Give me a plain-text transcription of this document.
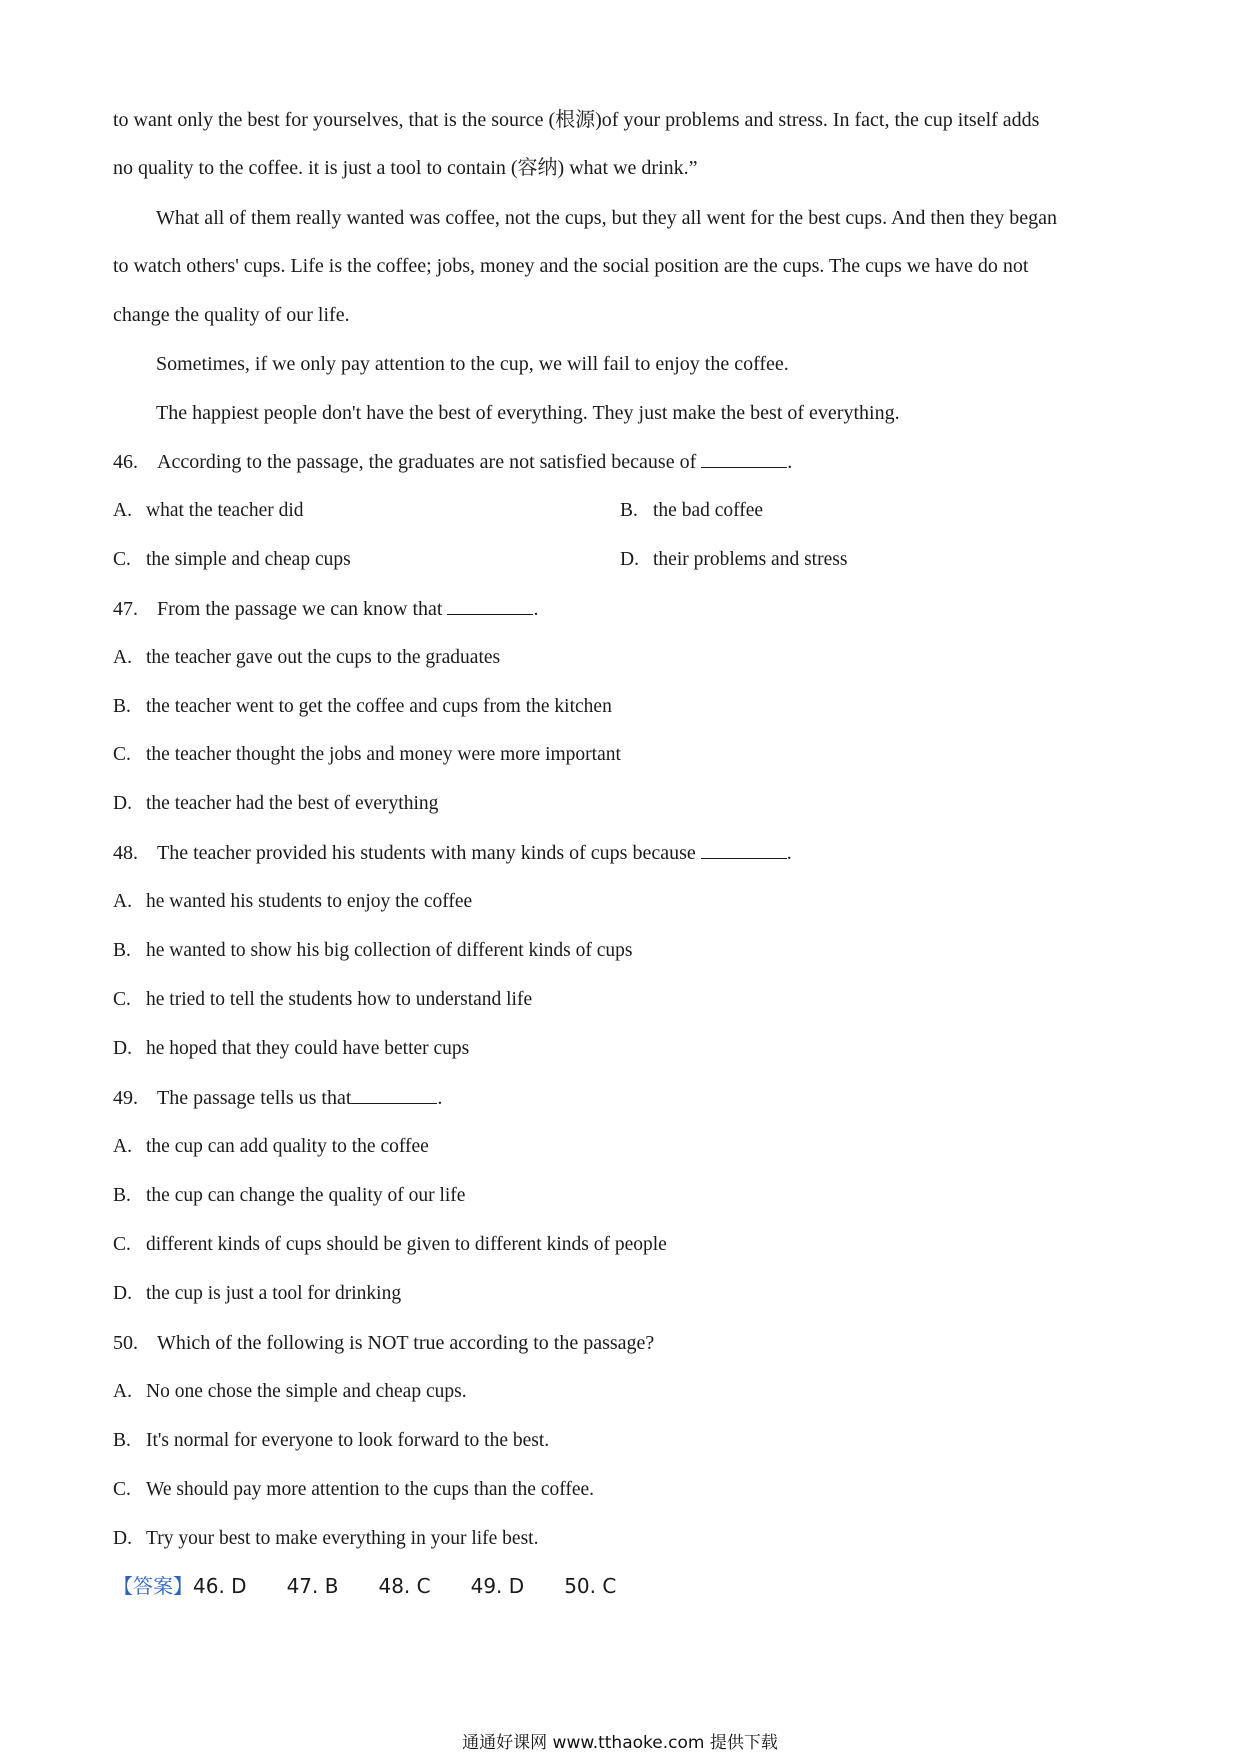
to want only the best for yourselves, that is the source (根源)of your problems and stress. In fact, the cup itself adds
no quality to the coffee. it is just a tool to contain (容纳) what we drink.”
What all of them really wanted was coffee, not the cups, but they all went for the best cups. And then they began
to watch others' cups. Life is the coffee; jobs, money and the social position are the cups. The cups we have do not
change the quality of our life.
Sometimes, if we only pay attention to the cup, we will fail to enjoy the coffee.
The happiest people don't have the best of everything. They just make the best of everything.
46. According to the passage, the graduates are not satisfied because of	.
A. what the teacher did	B. the bad coffee
C. the simple and cheap cups	D. their problems and stress
47. From the passage we can know that	.
A. the teacher gave out the cups to the graduates
B. the teacher went to get the coffee and cups from the kitchen
C. the teacher thought the jobs and money were more important
D. the teacher had the best of everything
48. The teacher provided his students with many kinds of cups because	.
A. he wanted his students to enjoy the coffee
B. he wanted to show his big collection of different kinds of cups
C. he tried to tell the students how to understand life
D. he hoped that they could have better cups
49. The passage tells us that	.
A. the cup can add quality to the coffee
B. the cup can change the quality of our life
C. different kinds of cups should be given to different kinds of people
D. the cup is just a tool for drinking
50. Which of the following is NOT true according to the passage?
A. No one chose the simple and cheap cups.
B. It's normal for everyone to look forward to the best.
C. We should pay more attention to the cups than the coffee.
D. Try your best to make everything in your life best.
【答案】46. D 47. B 48. C 49. D 50. C
通通好课网 www.tthaoke.com 提供下载
